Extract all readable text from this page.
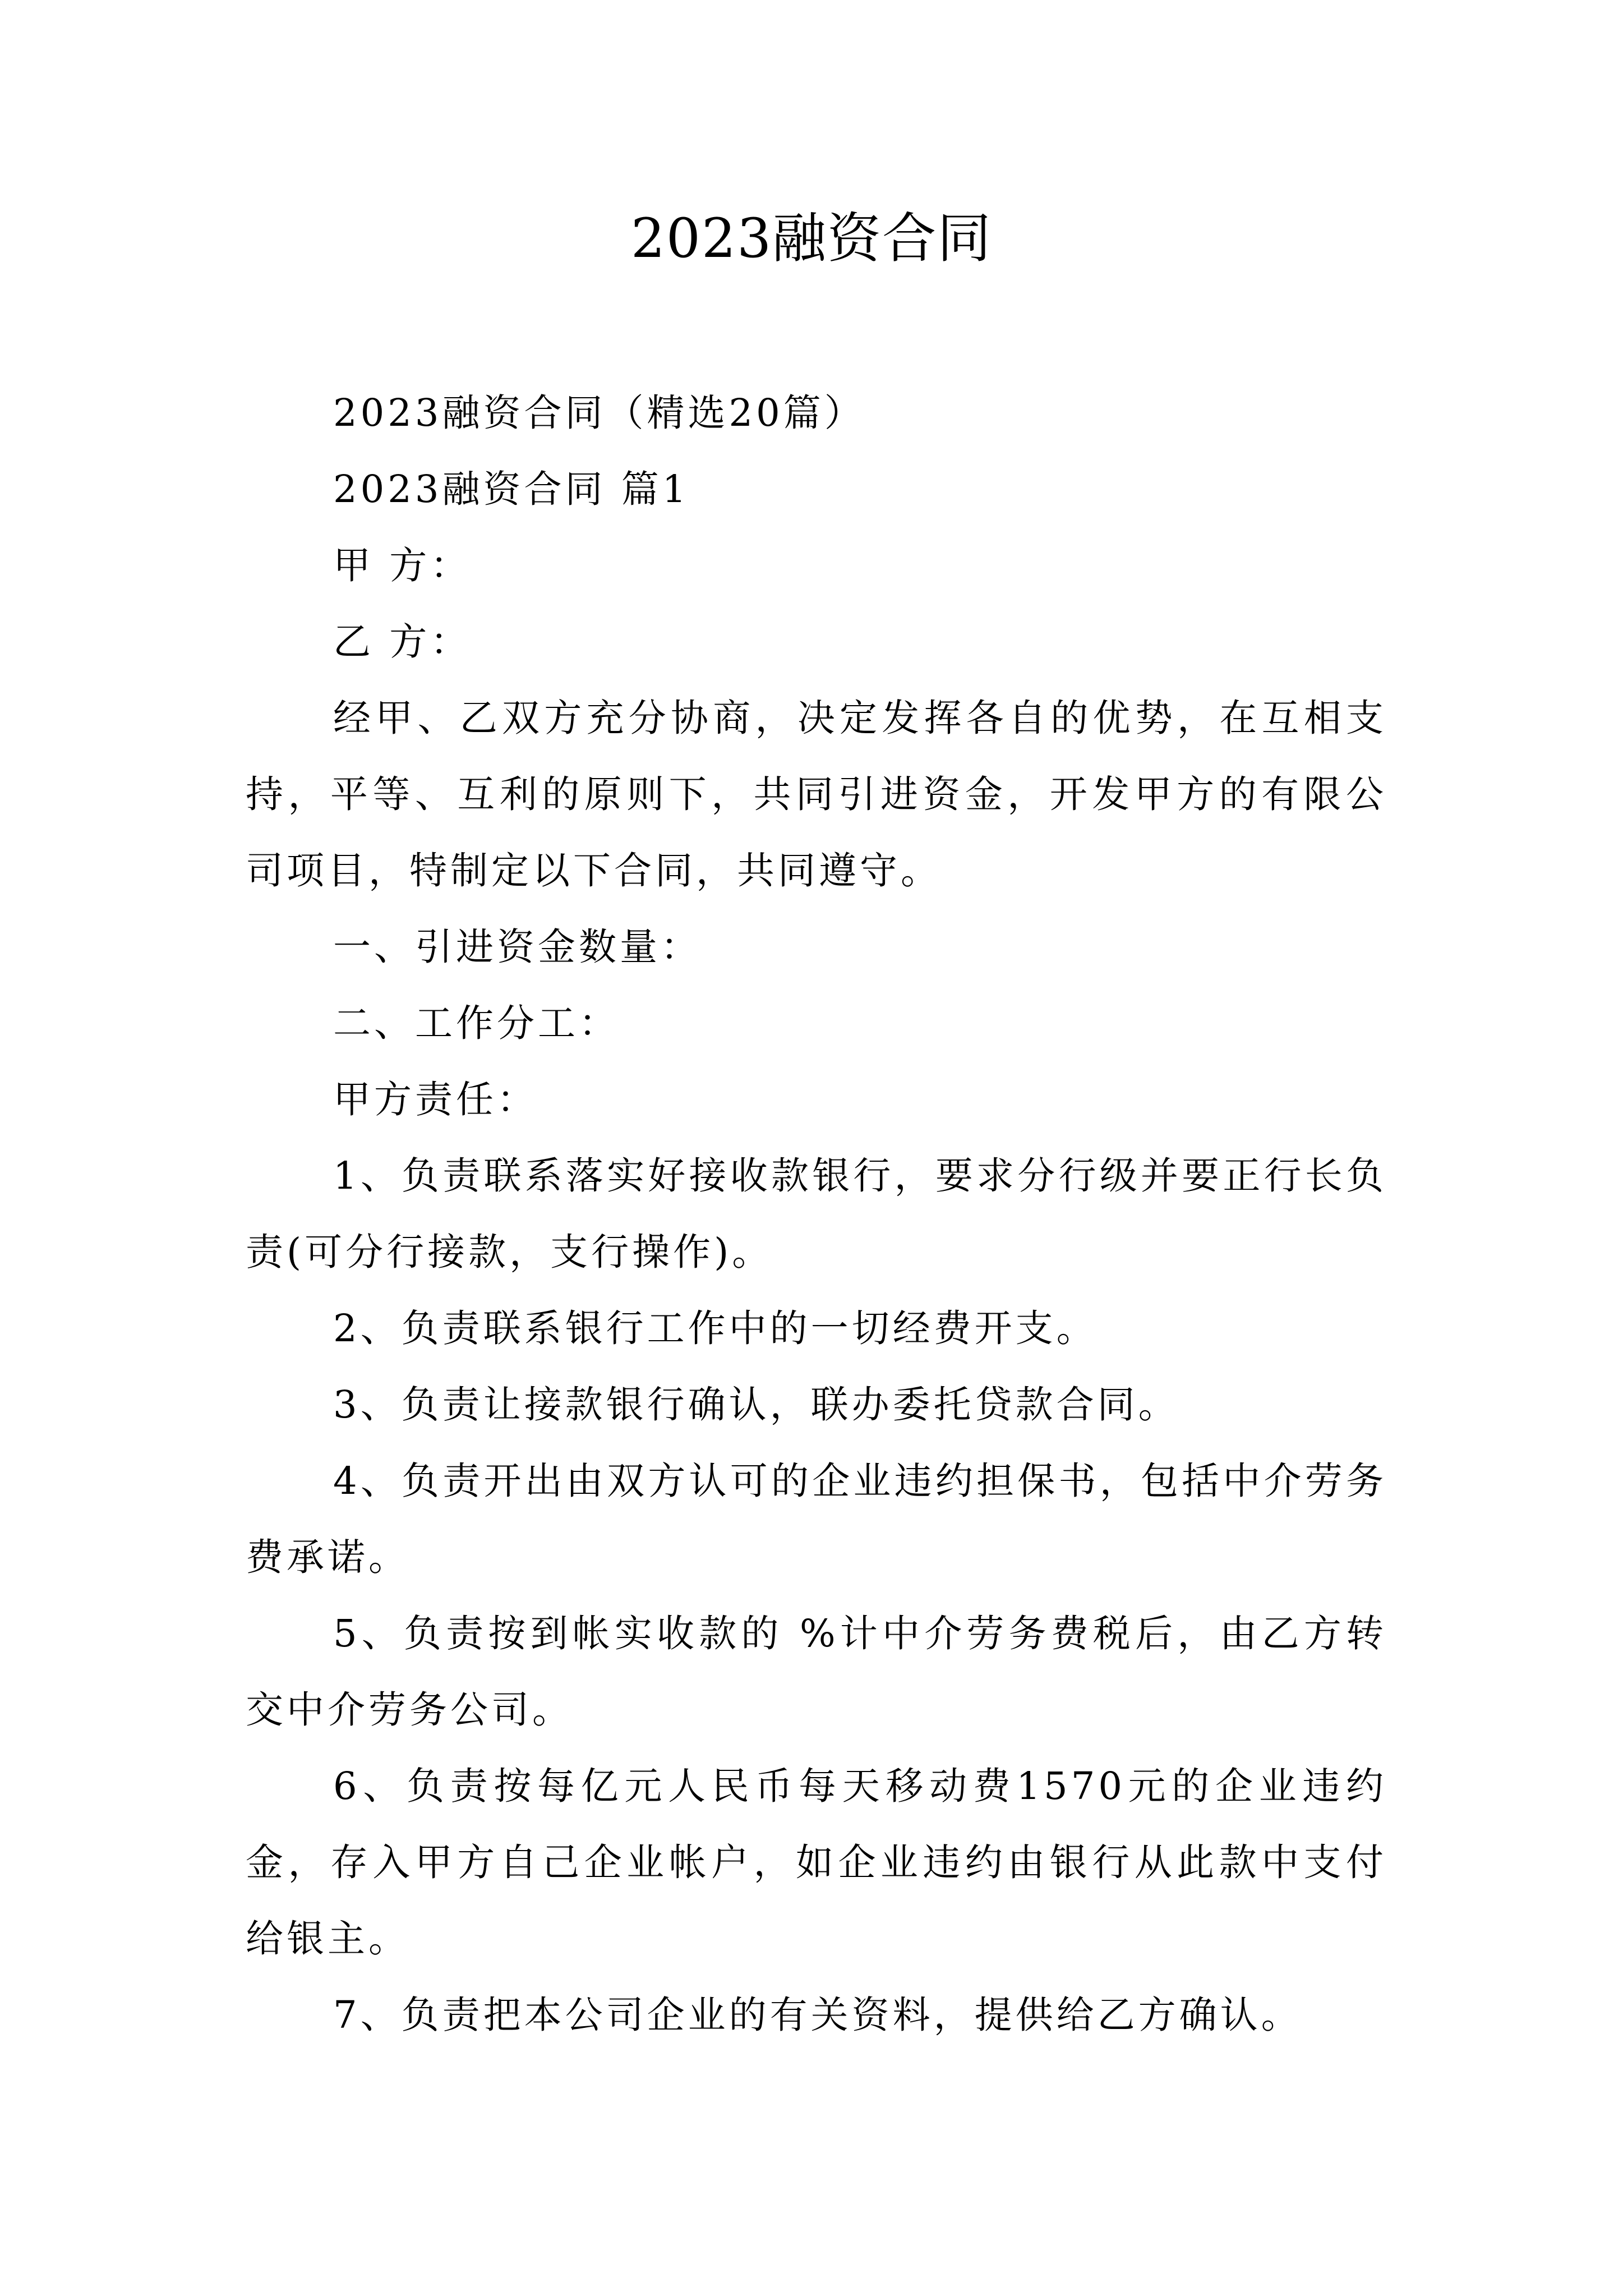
2023融资合同

2023融资合同（精选20篇）

2023融资合同 篇1

甲 方：

乙 方：

经甲、乙双方充分协商，决定发挥各自的优势，在互相支持，平等、互利的原则下，共同引进资金，开发甲方的有限公司项目，特制定以下合同，共同遵守。

一、引进资金数量：

二、工作分工：

甲方责任：

1、负责联系落实好接收款银行，要求分行级并要正行长负责(可分行接款，支行操作)。

2、负责联系银行工作中的一切经费开支。

3、负责让接款银行确认，联办委托贷款合同。

4、负责开出由双方认可的企业违约担保书，包括中介劳务费承诺。

5、负责按到帐实收款的 %计中介劳务费税后，由乙方转交中介劳务公司。

6、负责按每亿元人民币每天移动费1570元的企业违约金，存入甲方自己企业帐户，如企业违约由银行从此款中支付给银主。

7、负责把本公司企业的有关资料，提供给乙方确认。
